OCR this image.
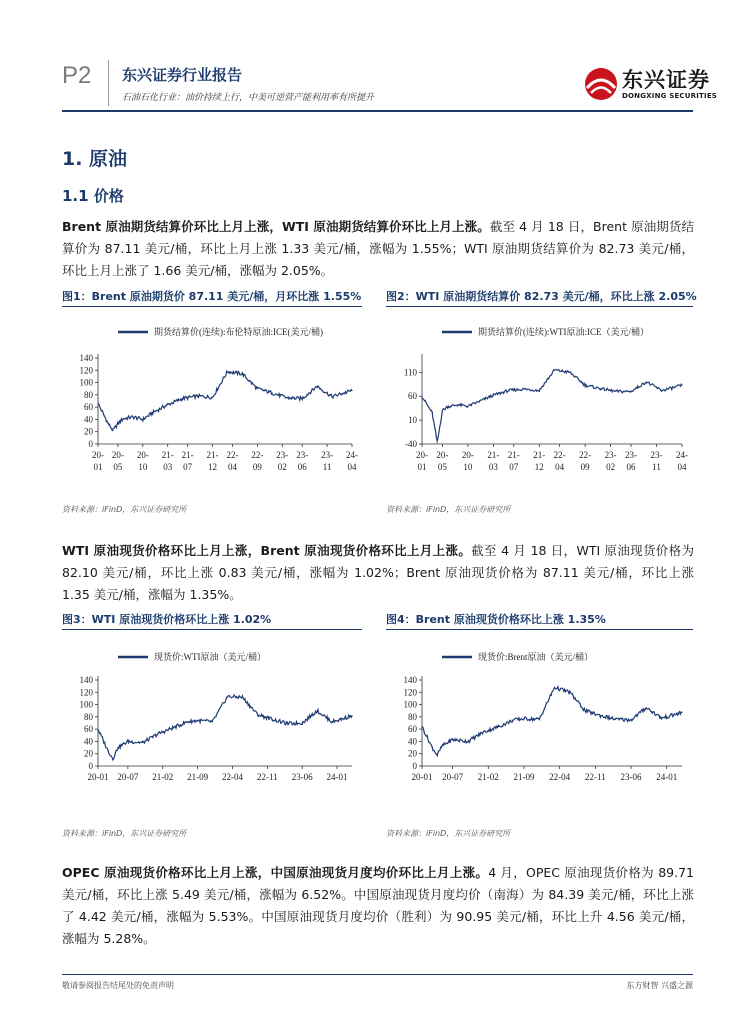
P2 东兴证券行业报告
石油石化行业：油价持续上行，中美可逆营产能利用率有所提升
东兴证券
DONGXING SECURITIES
1. 原油
1.1 价格
Brent 原油期货结算价环比上月上涨，WTI 原油期货结算价环比上月上涨。截至 4 月 18 日，Brent 原油期货结算价为 87.11 美元/桶，环比上月上涨 1.33 美元/桶，涨幅为 1.55%；WTI 原油期货结算价为 82.73 美元/桶，环比上月上涨了 1.66 美元/桶，涨幅为 2.05%。
图1：Brent 原油期货价 87.11 美元/桶，月环比涨 1.55% 图2：WTI 原油期货结算价 82.73 美元/桶，环比上涨 2.05%
期货结算价(连续):布伦特原油:ICE(美元/桶)
0
20
40
60
80
100
120
140
20-
01
20-
05
20-
10
21-
03
21-
07
21-
12
22-
04
22-
09
23-
02
23-
06
23-
11
24-
04
期货结算价(连续):WTI原油:ICE（美元/桶）
-40
10
60
110
20-
01
20-
05
20-
10
21-
03
21-
07
21-
12
22-
04
22-
09
23-
02
23-
06
23-
11
24-
04
资料来源：iFinD，东兴证券研究所	资料来源：iFinD，东兴证券研究所
WTI 原油现货价格环比上月上涨，Brent 原油现货价格环比上月上涨。截至 4 月 18 日，WTI 原油现货价格为 82.10 美元/桶，环比上涨 0.83 美元/桶，涨幅为 1.02%；Brent 原油现货价格为 87.11 美元/桶，环比上涨 1.35 美元/桶，涨幅为 1.35%。
图3：WTI 原油现货价格环比上涨 1.02%	图4：Brent 原油现货价格环比上涨 1.35%
现货价:WTI原油（美元/桶）
0
20
40
60
80
100
120
140
20-01 20-07 21-02 21-09 22-04 22-11 23-06 24-01
现货价:Brent原油（美元/桶）
0
20
40
60
80
100
120
140
20-01 20-07 21-02 21-09 22-04 22-11 23-06 24-01
资料来源：iFinD，东兴证券研究所	资料来源：iFinD，东兴证券研究所
OPEC 原油现货价格环比上月上涨，中国原油现货月度均价环比上月上涨。4 月，OPEC 原油现货价格为 89.71 美元/桶，环比上涨 5.49 美元/桶，涨幅为 6.52%。中国原油现货月度均价（南海）为 84.39 美元/桶，环比上涨了 4.42 美元/桶，涨幅为 5.53%。中国原油现货月度均价（胜利）为 90.95 美元/桶，环比上升 4.56 美元/桶，涨幅为 5.28%。
敬请参阅报告结尾处的免责声明	东方财智 兴盛之源
